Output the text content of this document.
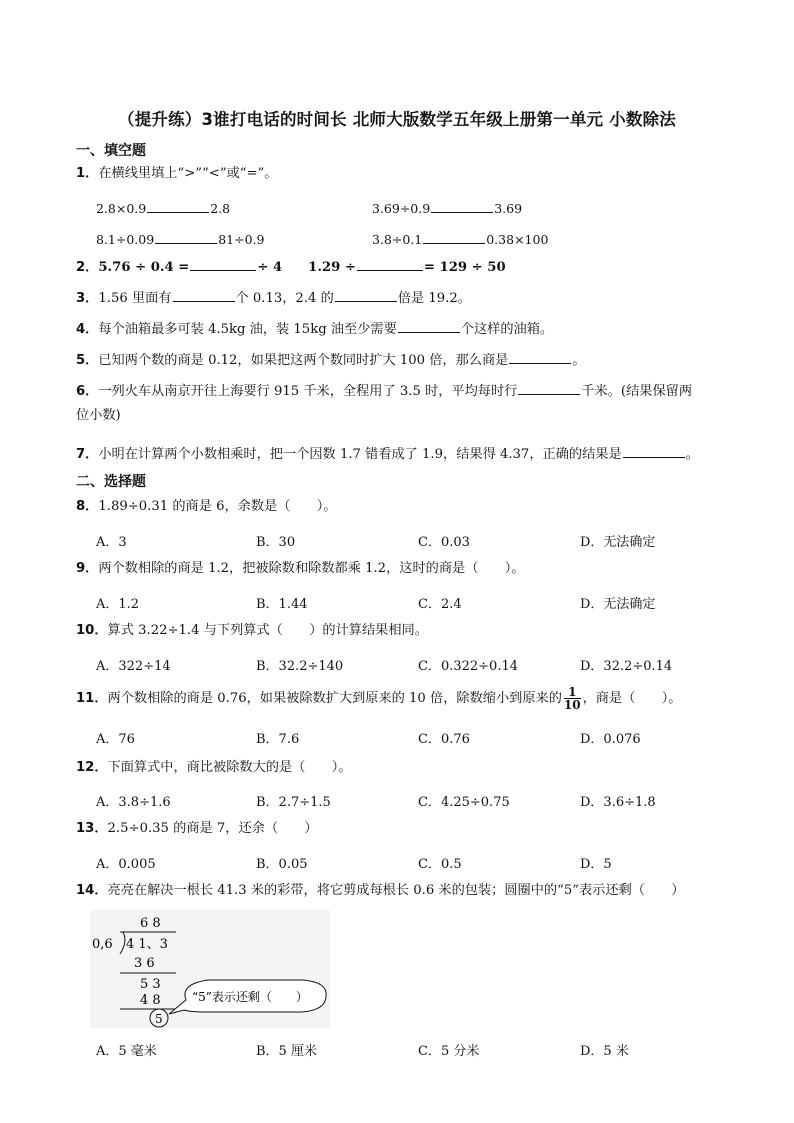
（提升练）3谁打电话的时间长 北师大版数学五年级上册第一单元 小数除法
一、填空题
1．在横线里填上“>”“<”或“=”。
2.8×0.9	2.8	3.69÷0.9	3.69
8.1÷0.09	81÷0.9	3.8÷0.1	0.38×100
2．5.76 ÷ 0.4 =	÷ 4 1.29 ÷	= 129 ÷ 50
3．1.56 里面有	个 0.13，2.4 的	倍是 19.2。
4．每个油箱最多可装 4.5kg 油，装 15kg 油至少需要	个这样的油箱。
5．已知两个数的商是 0.12，如果把这两个数同时扩大 100 倍，那么商是	。
6．一列火车从南京开往上海要行 915 千米，全程用了 3.5 时，平均每时行	千米。(结果保留两
位小数)
7．小明在计算两个小数相乘时，把一个因数 1.7 错看成了 1.9，结果得 4.37，正确的结果是	。
二、选择题
8．1.89÷0.31 的商是 6，余数是（　　）。
A．3	B．30	C．0.03	D．无法确定
9．两个数相除的商是 1.2，把被除数和除数都乘 1.2，这时的商是（　　）。
A．1.2	B．1.44	C．2.4	D．无法确定
10．算式 3.22÷1.4 与下列算式（　　）的计算结果相同。
A．322÷14	B．32.2÷140	C．0.322÷0.14	D．32.2÷0.14
11．两个数相除的商是 0.76，如果被除数扩大到原来的 10 倍，除数缩小到原来的 $\frac{1}{10}$ ，商是（　　）。
A．76	B．7.6	C．0.76	D．0.076
12．下面算式中，商比被除数大的是（　　）。
A．3.8÷1.6	B．2.7÷1.5	C．4.25÷0.75	D．3.6÷1.8
13．2.5÷0.35 的商是 7，还余（　　）
A．0.005	B．0.05	C．0.5	D．5
14．亮亮在解决一根长 41.3 米的彩带，将它剪成每根长 0.6 米的包装；圆圈中的“5”表示还剩（　　）
6 8
0,6 4 1、3
3 6
5 3
4 8
5
“5”表示还剩（　　）
A．5 毫米	B．5 厘米	C．5 分米	D．5 米
